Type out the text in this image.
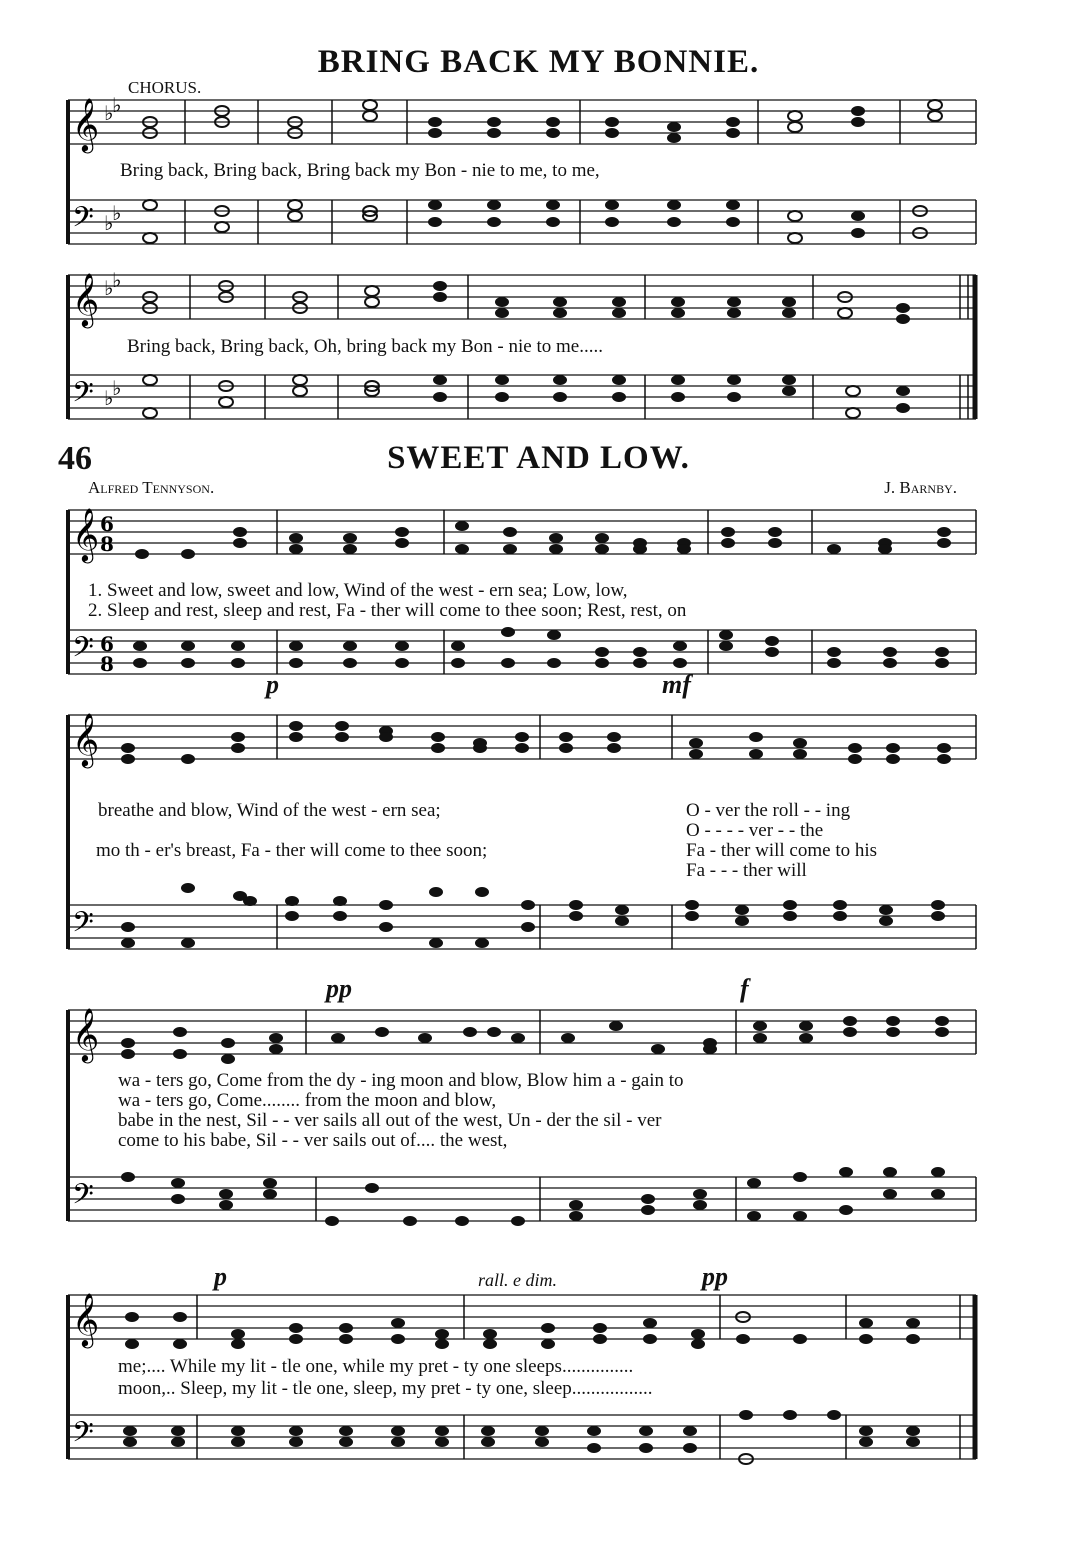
BRING BACK MY BONNIE.
CHORUS.
𝄞
𝄢
♭
♭
♭
♭
Bring back, Bring back, Bring back my Bon - nie to me, to me,
𝄞
𝄢
♭
♭
♭
♭
Bring back, Bring back, Oh, bring back my Bon - nie to me.....
46	SWEET AND LOW.
Alfred Tennyson.	J. Barnby.
𝄞
𝄢
6
8
6
8
1. Sweet and low, sweet and low, Wind of the west - ern sea; Low, low,
2. Sleep and rest, sleep and rest, Fa - ther will come to thee soon; Rest, rest, on
p	mf
𝄞
𝄢
breathe and blow, Wind of the west - ern sea;
mo th - er's breast, Fa - ther will come to thee soon;
O - ver the roll - - ing
O - - - - ver - - the
Fa - ther will come to his
Fa - - - ther will
pp	f
𝄞
𝄢
wa - ters go, Come from the dy - ing moon and blow, Blow him a - gain to
wa - ters go, Come........ from the moon and blow,
babe in the nest, Sil - - ver sails all out of the west, Un - der the sil - ver
come to his babe, Sil - - ver sails out of.... the west,
p	rall. e dim.	pp
𝄞
𝄢
me;.... While my lit - tle one, while my pret - ty one sleeps...............
moon,.. Sleep, my lit - tle one, sleep, my pret - ty one, sleep.................
